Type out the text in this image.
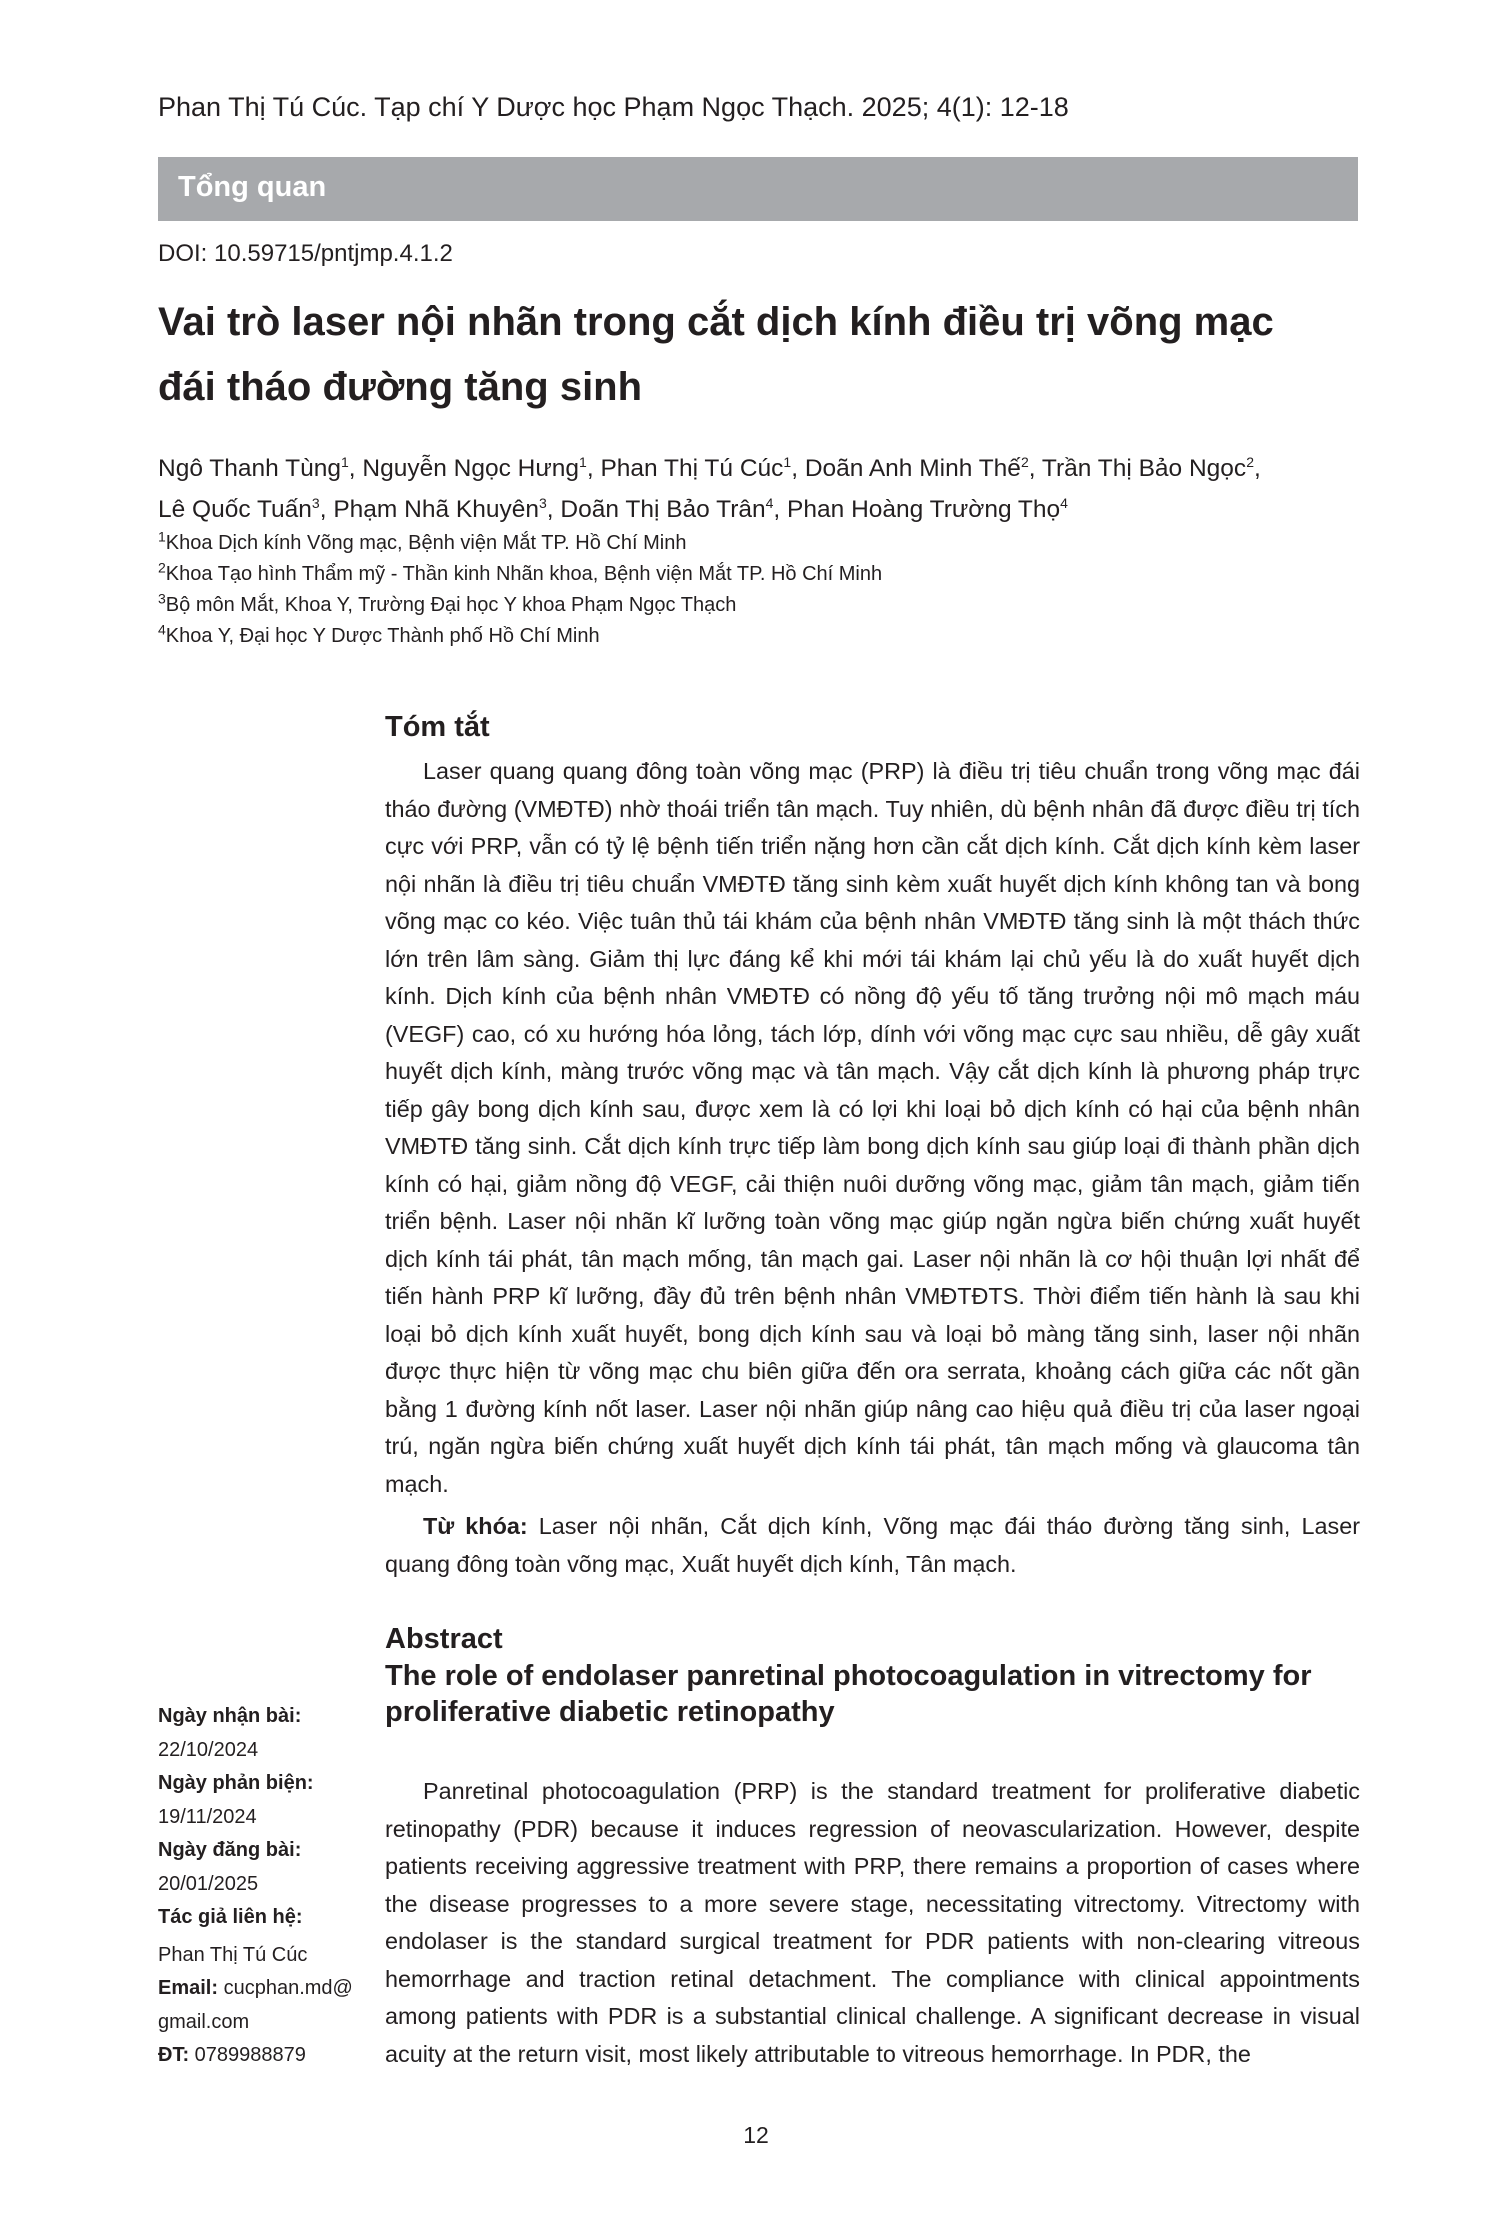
Phan Thị Tú Cúc. Tạp chí Y Dược học Phạm Ngọc Thạch. 2025; 4(1): 12-18
Tổng quan
DOI: 10.59715/pntjmp.4.1.2
Vai trò laser nội nhãn trong cắt dịch kính điều trị võng mạc
đái tháo đường tăng sinh

Ngô Thanh Tùng$^1$, Nguyễn Ngọc Hưng$^1$, Phan Thị Tú Cúc$^1$, Doãn Anh Minh Thế$^2$, Trần Thị Bảo Ngọc$^2$,
Lê Quốc Tuấn$^3$, Phạm Nhã Khuyên$^3$, Doãn Thị Bảo Trân$^4$, Phan Hoàng Trường Thọ$^4$

$^1$Khoa Dịch kính Võng mạc, Bệnh viện Mắt TP. Hồ Chí Minh
$^2$Khoa Tạo hình Thẩm mỹ - Thần kinh Nhãn khoa, Bệnh viện Mắt TP. Hồ Chí Minh
$^3$Bộ môn Mắt, Khoa Y, Trường Đại học Y khoa Phạm Ngọc Thạch
$^4$Khoa Y, Đại học Y Dược Thành phố Hồ Chí Minh
Tóm tắt

Laser quang quang đông toàn võng mạc (PRP) là điều trị tiêu chuẩn trong võng mạc đái tháo đường (VMĐTĐ) nhờ thoái triển tân mạch. Tuy nhiên, dù bệnh nhân đã được điều trị tích cực với PRP, vẫn có tỷ lệ bệnh tiến triển nặng hơn cần cắt dịch kính. Cắt dịch kính kèm laser nội nhãn là điều trị tiêu chuẩn VMĐTĐ tăng sinh kèm xuất huyết dịch kính không tan và bong võng mạc co kéo. Việc tuân thủ tái khám của bệnh nhân VMĐTĐ tăng sinh là một thách thức lớn trên lâm sàng. Giảm thị lực đáng kể khi mới tái khám lại chủ yếu là do xuất huyết dịch kính. Dịch kính của bệnh nhân VMĐTĐ có nồng độ yếu tố tăng trưởng nội mô mạch máu (VEGF) cao, có xu hướng hóa lỏng, tách lớp, dính với võng mạc cực sau nhiều, dễ gây xuất huyết dịch kính, màng trước võng mạc và tân mạch. Vậy cắt dịch kính là phương pháp trực tiếp gây bong dịch kính sau, được xem là có lợi khi loại bỏ dịch kính có hại của bệnh nhân VMĐTĐ tăng sinh. Cắt dịch kính trực tiếp làm bong dịch kính sau giúp loại đi thành phần dịch kính có hại, giảm nồng độ VEGF, cải thiện nuôi dưỡng võng mạc, giảm tân mạch, giảm tiến triển bệnh. Laser nội nhãn kĩ lưỡng toàn võng mạc giúp ngăn ngừa biến chứng xuất huyết dịch kính tái phát, tân mạch mống, tân mạch gai. Laser nội nhãn là cơ hội thuận lợi nhất để tiến hành PRP kĩ lưỡng, đầy đủ trên bệnh nhân VMĐTĐTS. Thời điểm tiến hành là sau khi loại bỏ dịch kính xuất huyết, bong dịch kính sau và loại bỏ màng tăng sinh, laser nội nhãn được thực hiện từ võng mạc chu biên giữa đến ora serrata, khoảng cách giữa các nốt gần bằng 1 đường kính nốt laser. Laser nội nhãn giúp nâng cao hiệu quả điều trị của laser ngoại trú, ngăn ngừa biến chứng xuất huyết dịch kính tái phát, tân mạch mống và glaucoma tân mạch.

Từ khóa: Laser nội nhãn, Cắt dịch kính, Võng mạc đái tháo đường tăng sinh, Laser quang đông toàn võng mạc, Xuất huyết dịch kính, Tân mạch.

Abstract
The role of endolaser panretinal photocoagulation in vitrectomy for
proliferative diabetic retinopathy

Panretinal photocoagulation (PRP) is the standard treatment for proliferative diabetic retinopathy (PDR) because it induces regression of neovascularization. However, despite patients receiving aggressive treatment with PRP, there remains a proportion of cases where the disease progresses to a more severe stage, necessitating vitrectomy. Vitrectomy with endolaser is the standard surgical treatment for PDR patients with non-clearing vitreous hemorrhage and traction retinal detachment. The compliance with clinical appointments among patients with PDR is a substantial clinical challenge. A significant decrease in visual acuity at the return visit, most likely attributable to vitreous hemorrhage. In PDR, the

Ngày nhận bài:
22/10/2024
Ngày phản biện:
19/11/2024
Ngày đăng bài:
20/01/2025
Tác giả liên hệ:
Phan Thị Tú Cúc
Email: cucphan.md@
gmail.com
ĐT: 0789988879
12
